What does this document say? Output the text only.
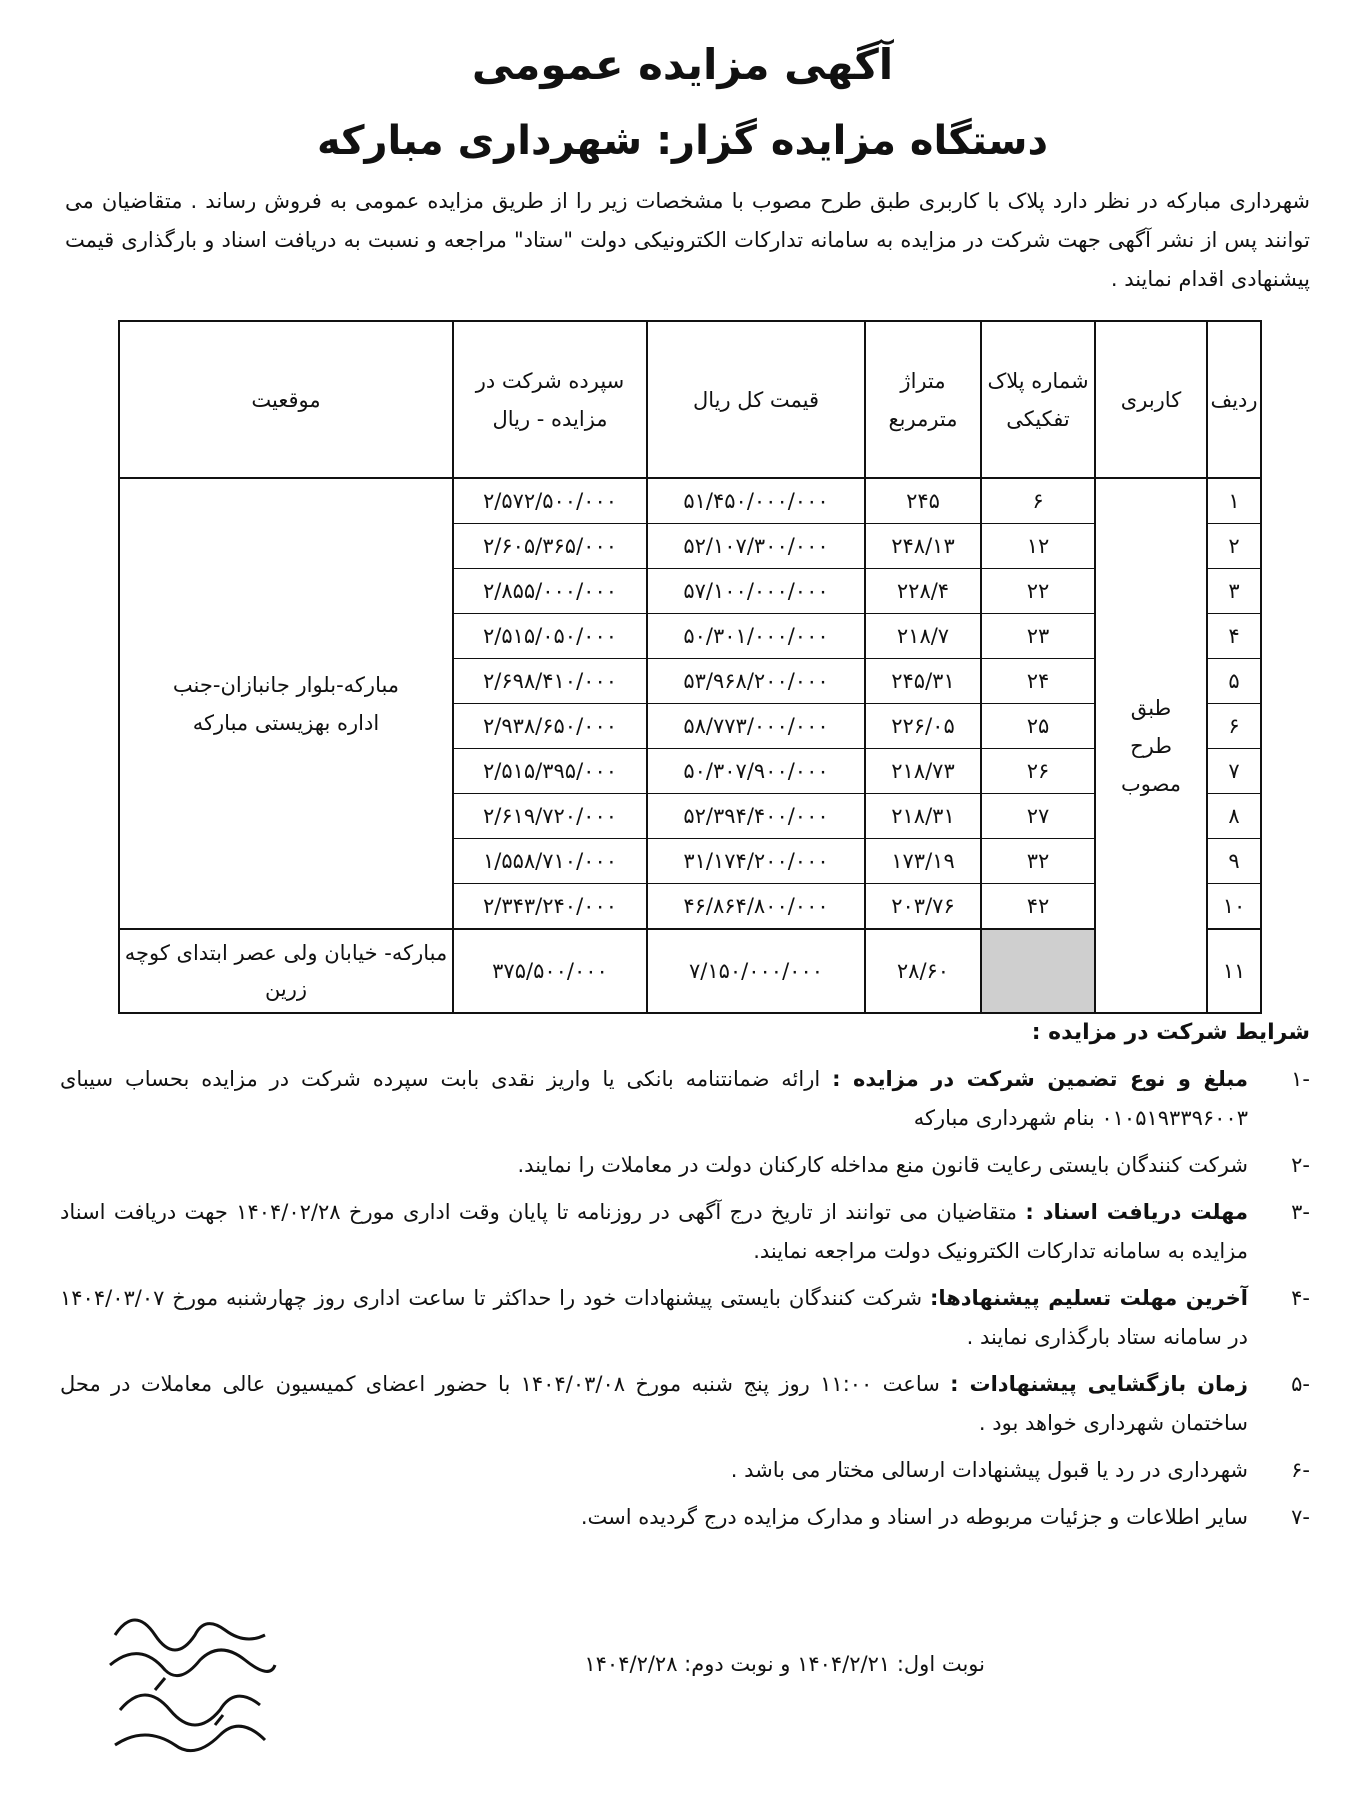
آگهی مزایده عمومی
دستگاه مزایده گزار: شهرداری مبارکه
شهرداری مبارکه در نظر دارد پلاک با کاربری طبق طرح مصوب با مشخصات زیر را از طریق مزایده عمومی به فروش رساند . متقاضیان می توانند پس از نشر آگهی جهت شرکت در مزایده به سامانه تدارکات الکترونیکی دولت "ستاد" مراجعه و نسبت به دریافت اسناد و بارگذاری قیمت پیشنهادی اقدام نمایند .
ردیف	کاربری	شماره پلاک تفکیکی	متراژ مترمربع	قیمت کل ریال	سپرده شرکت در مزایده - ریال	موقعیت
۱	طبق طرح مصوب	۶	۲۴۵	۵۱/۴۵۰/۰۰۰/۰۰۰	۲/۵۷۲/۵۰۰/۰۰۰	مبارکه-بلوار جانبازان-جنب اداره بهزیستی مبارکه
۲		۱۲	۲۴۸/۱۳	۵۲/۱۰۷/۳۰۰/۰۰۰	۲/۶۰۵/۳۶۵/۰۰۰	
۳		۲۲	۲۲۸/۴	۵۷/۱۰۰/۰۰۰/۰۰۰	۲/۸۵۵/۰۰۰/۰۰۰	
۴		۲۳	۲۱۸/۷	۵۰/۳۰۱/۰۰۰/۰۰۰	۲/۵۱۵/۰۵۰/۰۰۰	
۵		۲۴	۲۴۵/۳۱	۵۳/۹۶۸/۲۰۰/۰۰۰	۲/۶۹۸/۴۱۰/۰۰۰	
۶		۲۵	۲۲۶/۰۵	۵۸/۷۷۳/۰۰۰/۰۰۰	۲/۹۳۸/۶۵۰/۰۰۰	
۷		۲۶	۲۱۸/۷۳	۵۰/۳۰۷/۹۰۰/۰۰۰	۲/۵۱۵/۳۹۵/۰۰۰	
۸		۲۷	۲۱۸/۳۱	۵۲/۳۹۴/۴۰۰/۰۰۰	۲/۶۱۹/۷۲۰/۰۰۰	
۹		۳۲	۱۷۳/۱۹	۳۱/۱۷۴/۲۰۰/۰۰۰	۱/۵۵۸/۷۱۰/۰۰۰	
۱۰		۴۲	۲۰۳/۷۶	۴۶/۸۶۴/۸۰۰/۰۰۰	۲/۳۴۳/۲۴۰/۰۰۰	
۱۱			۲۸/۶۰	۷/۱۵۰/۰۰۰/۰۰۰	۳۷۵/۵۰۰/۰۰۰	مبارکه- خیابان ولی عصر ابتدای کوچه زرین
شرایط شرکت در مزایده :
-۱
مبلغ و نوع تضمین شرکت در مزایده : ارائه ضمانتنامه بانکی یا واریز نقدی بابت سپرده شرکت در مزایده بحساب سیبای ۰۱۰۵۱۹۳۳۹۶۰۰۳ بنام شهرداری مبارکه
-۲
شرکت کنندگان بایستی رعایت قانون منع مداخله کارکنان دولت در معاملات را نمایند.
-۳
مهلت دریافت اسناد : متقاضیان می توانند از تاریخ درج آگهی در روزنامه تا پایان وقت اداری مورخ ۱۴۰۴/۰۲/۲۸ جهت دریافت اسناد مزایده به سامانه تدارکات الکترونیک دولت مراجعه نمایند.
-۴
آخرین مهلت تسلیم پیشنهادها: شرکت کنندگان بایستی پیشنهادات خود را حداکثر تا ساعت اداری روز چهارشنبه مورخ ۱۴۰۴/۰۳/۰۷ در سامانه ستاد بارگذاری نمایند .
-۵
زمان بازگشایی پیشنهادات : ساعت ۱۱:۰۰ روز پنج شنبه مورخ ۱۴۰۴/۰۳/۰۸ با حضور اعضای کمیسیون عالی معاملات در محل ساختمان شهرداری خواهد بود .
-۶
شهرداری در رد یا قبول پیشنهادات ارسالی مختار می باشد .
-۷
سایر اطلاعات و جزئیات مربوطه در اسناد و مدارک مزایده درج گردیده است.
نوبت اول: ۱۴۰۴/۲/۲۱ و نوبت دوم: ۱۴۰۴/۲/۲۸
